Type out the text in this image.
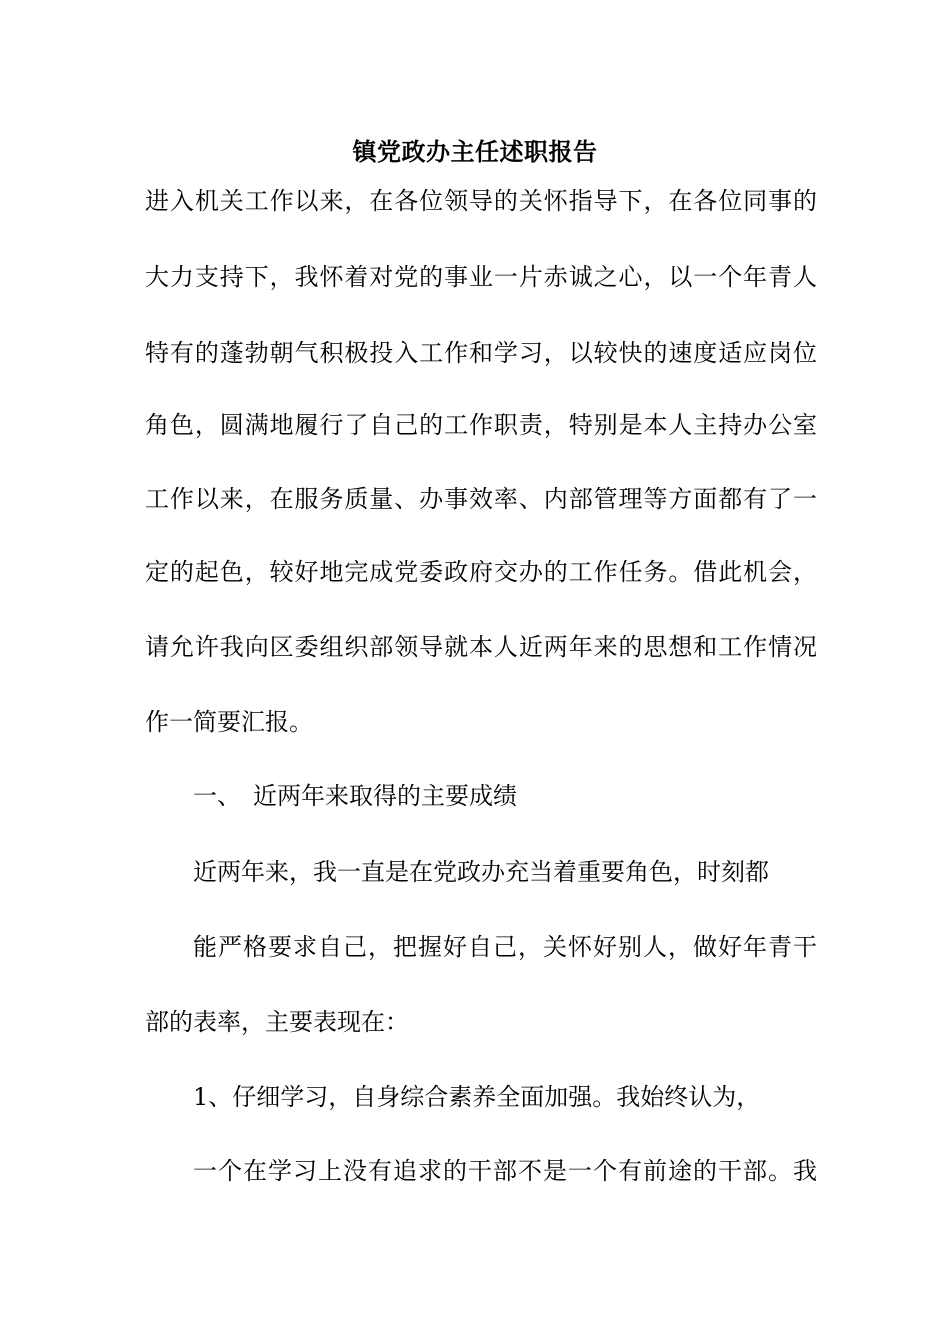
镇党政办主任述职报告
进入机关工作以来，在各位领导的关怀指导下，在各位同事的
大力支持下，我怀着对党的事业一片赤诚之心，以一个年青人
特有的蓬勃朝气积极投入工作和学习，以较快的速度适应岗位
角色，圆满地履行了自己的工作职责，特别是本人主持办公室
工作以来，在服务质量、办事效率、内部管理等方面都有了一
定的起色，较好地完成党委政府交办的工作任务。借此机会，
请允许我向区委组织部领导就本人近两年来的思想和工作情况
作一简要汇报。
一、 近两年来取得的主要成绩
近两年来，我一直是在党政办充当着重要角色，时刻都
能严格要求自己，把握好自己，关怀好别人，做好年青干
部的表率，主要表现在：
1、仔细学习，自身综合素养全面加强。我始终认为，
一个在学习上没有追求的干部不是一个有前途的干部。我
